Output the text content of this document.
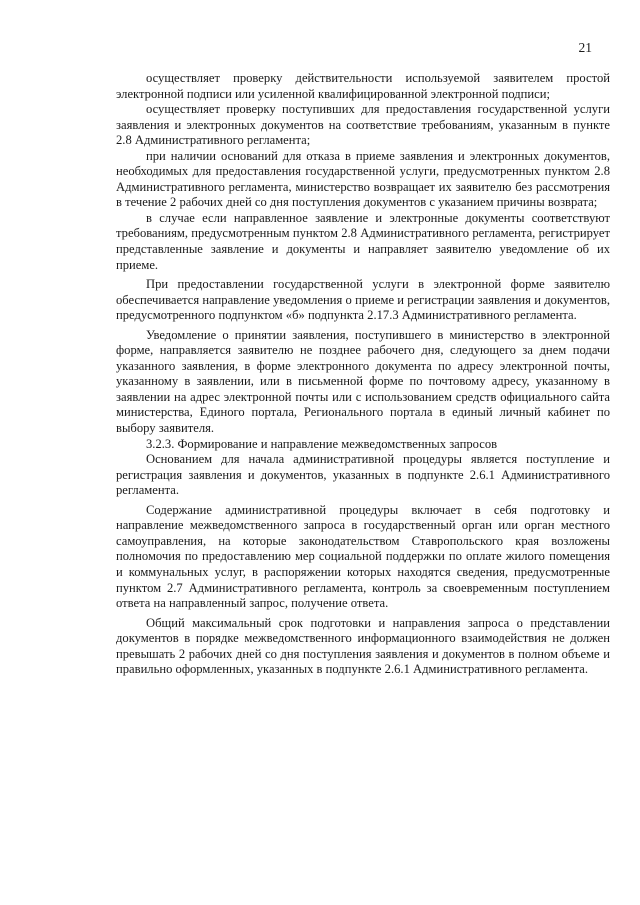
21

осуществляет проверку действительности используемой заявителем простой электронной подписи или усиленной квалифицированной электронной подписи;

осуществляет проверку поступивших для предоставления государственной услуги заявления и электронных документов на соответствие требованиям, указанным в пункте 2.8 Административного регламента;

при наличии оснований для отказа в приеме заявления и электронных документов, необходимых для предоставления государственной услуги, предусмотренных пунктом 2.8 Административного регламента, министерство возвращает их заявителю без рассмотрения в течение 2 рабочих дней со дня поступления документов с указанием причины возврата;

в случае если направленное заявление и электронные документы соответствуют требованиям, предусмотренным пунктом 2.8 Административного регламента, регистрирует представленные заявление и документы и направляет заявителю уведомление об их приеме.

При предоставлении государственной услуги в электронной форме заявителю обеспечивается направление уведомления о приеме и регистрации заявления и документов, предусмотренного подпунктом «б» подпункта 2.17.3 Административного регламента.

Уведомление о принятии заявления, поступившего в министерство в электронной форме, направляется заявителю не позднее рабочего дня, следующего за днем подачи указанного заявления, в форме электронного документа по адресу электронной почты, указанному в заявлении, или в письменной форме по почтовому адресу, указанному в заявлении на адрес электронной почты или с использованием средств официального сайта министерства, Единого портала, Регионального портала в единый личный кабинет по выбору заявителя.

3.2.3. Формирование и направление межведомственных запросов

Основанием для начала административной процедуры является поступление и регистрация заявления и документов, указанных в подпункте 2.6.1 Административного регламента.

Содержание административной процедуры включает в себя подготовку и направление межведомственного запроса в государственный орган или орган местного самоуправления, на которые законодательством Ставропольского края возложены полномочия по предоставлению мер социальной поддержки по оплате жилого помещения и коммунальных услуг, в распоряжении которых находятся сведения, предусмотренные пунктом 2.7 Административного регламента, контроль за своевременным поступлением ответа на направленный запрос, получение ответа.

Общий максимальный срок подготовки и направления запроса о представлении документов в порядке межведомственного информационного взаимодействия не должен превышать 2 рабочих дней со дня поступления заявления и документов в полном объеме и правильно оформленных, указанных в подпункте 2.6.1 Административного регламента.
